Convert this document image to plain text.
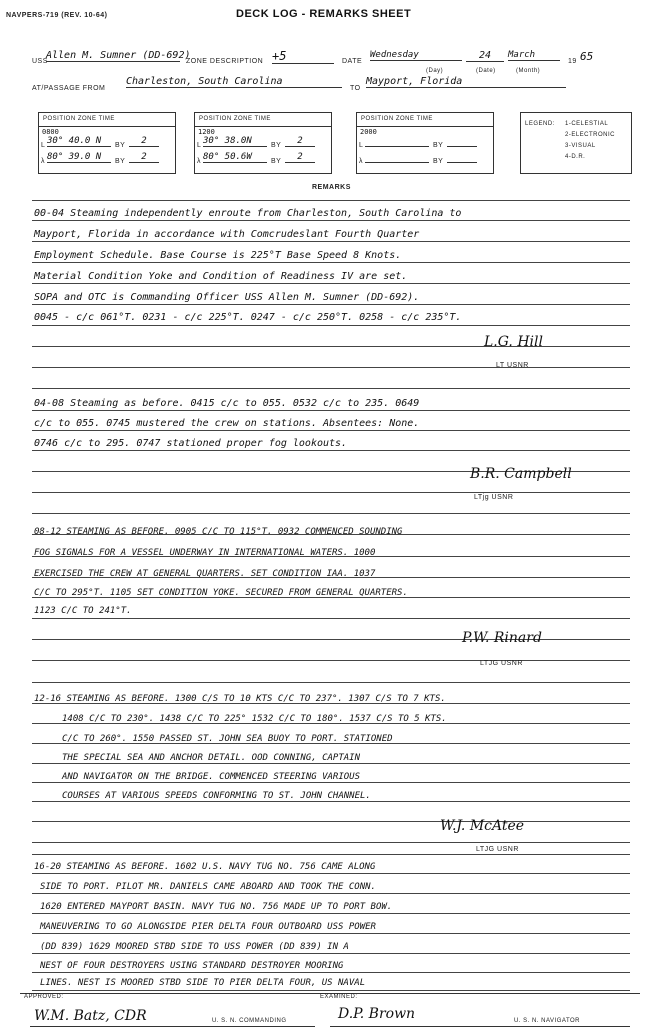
NAVPERS-719 (REV. 10-64)	DECK LOG - REMARKS SHEET
USS
Allen M. Sumner (DD-692)
ZONE DESCRIPTION +5	DATE
Wednesday	24	March
19 65
(Day)	(Date)	(Month)
AT/PASSAGE FROM
Charleston, South Carolina
TO
Mayport, Florida
POSITION ZONE TIME
0800
L 30° 40.0 N	BY	2
λ 80° 39.0 N	BY	2
POSITION ZONE TIME
1200
L 30° 38.0N	BY	2
λ 80° 50.6W	BY	2
POSITION ZONE TIME
2000
L	BY
λ	BY
LEGEND: 1-CELESTIAL
2-ELECTRONIC
3-VISUAL
4-D.R.
REMARKS
00-04 Steaming independently enroute from Charleston, South Carolina to
Mayport, Florida in accordance with Comcrudeslant Fourth Quarter
Employment Schedule. Base Course is 225°T Base Speed 8 Knots.
Material Condition Yoke and Condition of Readiness IV are set.
SOPA and OTC is Commanding Officer USS Allen M. Sumner (DD-692).
0045 - c/c 061°T. 0231 - c/c 225°T. 0247 - c/c 250°T. 0258 - c/c 235°T.
L.G. Hill
LT USNR
04-08 Steaming as before. 0415 c/c to 055. 0532 c/c to 235. 0649
c/c to 055. 0745 mustered the crew on stations. Absentees: None.
0746 c/c to 295. 0747 stationed proper fog lookouts.
B.R. Campbell
LTjg USNR
08-12 STEAMING AS BEFORE. 0905 C/C TO 115°T. 0932 COMMENCED SOUNDING
FOG SIGNALS FOR A VESSEL UNDERWAY IN INTERNATIONAL WATERS. 1000
EXERCISED THE CREW AT GENERAL QUARTERS. SET CONDITION IAA. 1037
C/C TO 295°T. 1105 SET CONDITION YOKE. SECURED FROM GENERAL QUARTERS.
1123 C/C TO 241°T.
P.W. Rinard
LTJG USNR
12-16 STEAMING AS BEFORE. 1300 C/S TO 10 KTS C/C TO 237°. 1307 C/S TO 7 KTS.
1408 C/C TO 230°. 1438 C/C TO 225° 1532 C/C TO 180°. 1537 C/S TO 5 KTS.
C/C TO 260°. 1550 PASSED ST. JOHN SEA BUOY TO PORT. STATIONED
THE SPECIAL SEA AND ANCHOR DETAIL. OOD CONNING, CAPTAIN
AND NAVIGATOR ON THE BRIDGE. COMMENCED STEERING VARIOUS
COURSES AT VARIOUS SPEEDS CONFORMING TO ST. JOHN CHANNEL.
W.J. McAtee
LTJG USNR
16-20 STEAMING AS BEFORE. 1602 U.S. NAVY TUG NO. 756 CAME ALONG
SIDE TO PORT. PILOT MR. DANIELS CAME ABOARD AND TOOK THE CONN.
1620 ENTERED MAYPORT BASIN. NAVY TUG NO. 756 MADE UP TO PORT BOW.
MANEUVERING TO GO ALONGSIDE PIER DELTA FOUR OUTBOARD USS POWER
(DD 839) 1629 MOORED STBD SIDE TO USS POWER (DD 839) IN A
NEST OF FOUR DESTROYERS USING STANDARD DESTROYER MOORING
LINES. NEST IS MOORED STBD SIDE TO PIER DELTA FOUR, US NAVAL
APPROVED:	EXAMINED:
W.M. Batz, CDR	U. S. N. COMMANDING	D.P. Brown	U. S. N. NAVIGATOR
